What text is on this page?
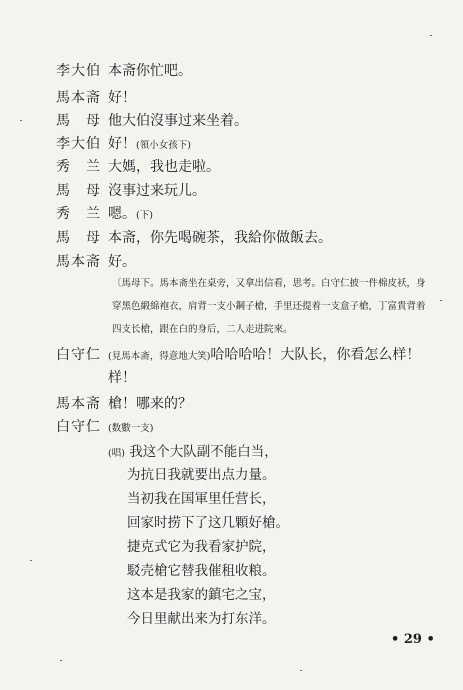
李大伯 本斋你忙吧。
馬本斋 好！
馬　母 他大伯沒事过来坐着。
李大伯 好！(領小女孩下)
秀　兰 大媽，我也走啦。
馬　母 沒事过来玩儿。
秀　兰 嗯。(下)
馬　母 本斋，你先喝碗茶，我給你做飯去。
馬本斋 好。
〔馬母下。馬本斋坐在桌旁，又拿出信看，思考。白守仁披一件棉皮袄，身穿黑色緞綿袍衣，肩背一支小鋼子槍，手里还提着一支盒子槍，丁富貴背着四支长槍，跟在白的身后，二人走进院來。
白守仁 (見馬本斋，得意地大笑)哈哈哈哈！大队长，你看怎么样！
样！
馬本斋 槍！哪来的？
白守仁 (数數一支)
(唱) 我这个大队副不能白当，
为抗日我就要出点力量。
当初我在国軍里任营长，
回家时捞下了这几顆好槍。
捷克式它为我看家护院，
駁壳槍它替我催租收粮。
这本是我家的鎮宅之宝，
今日里献出来为打东洋。
• 29 •
